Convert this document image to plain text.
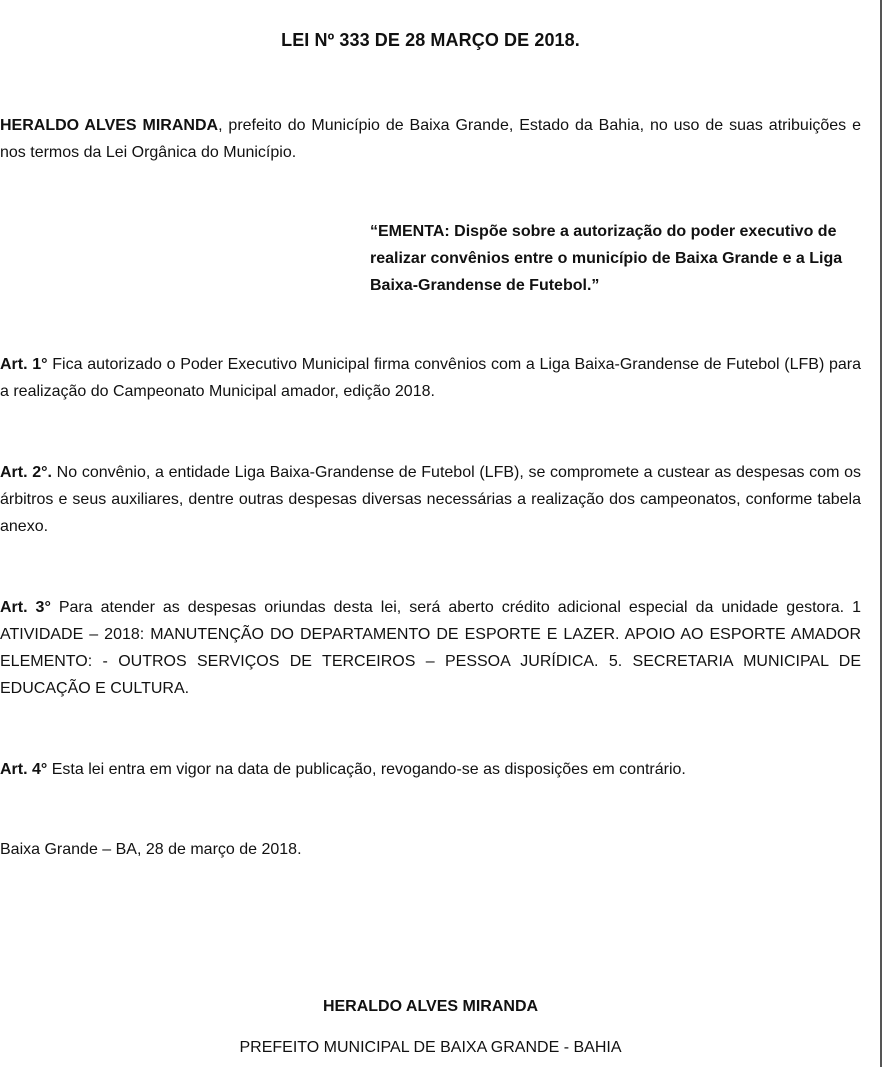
LEI Nº 333 DE 28 MARÇO DE 2018.

HERALDO ALVES MIRANDA, prefeito do Município de Baixa Grande, Estado da Bahia, no uso de suas atribuições e nos termos da Lei Orgânica do Município.

“EMENTA: Dispõe sobre a autorização do poder executivo de realizar convênios entre o município de Baixa Grande e a Liga Baixa-Grandense de Futebol.”

Art. 1° Fica autorizado o Poder Executivo Municipal firma convênios com a Liga Baixa-Grandense de Futebol (LFB) para a realização do Campeonato Municipal amador, edição 2018.

Art. 2°. No convênio, a entidade Liga Baixa-Grandense de Futebol (LFB), se compromete a custear as despesas com os árbitros e seus auxiliares, dentre outras despesas diversas necessárias a realização dos campeonatos, conforme tabela anexo.

Art. 3° Para atender as despesas oriundas desta lei, será aberto crédito adicional especial da unidade gestora. 1 ATIVIDADE – 2018: MANUTENÇÃO DO DEPARTAMENTO DE ESPORTE E LAZER. APOIO AO ESPORTE AMADOR ELEMENTO: - OUTROS SERVIÇOS DE TERCEIROS – PESSOA JURÍDICA. 5. SECRETARIA MUNICIPAL DE EDUCAÇÃO E CULTURA.

Art. 4° Esta lei entra em vigor na data de publicação, revogando-se as disposições em contrário.

Baixa Grande – BA, 28 de março de 2018.

HERALDO ALVES MIRANDA
PREFEITO MUNICIPAL DE BAIXA GRANDE - BAHIA
